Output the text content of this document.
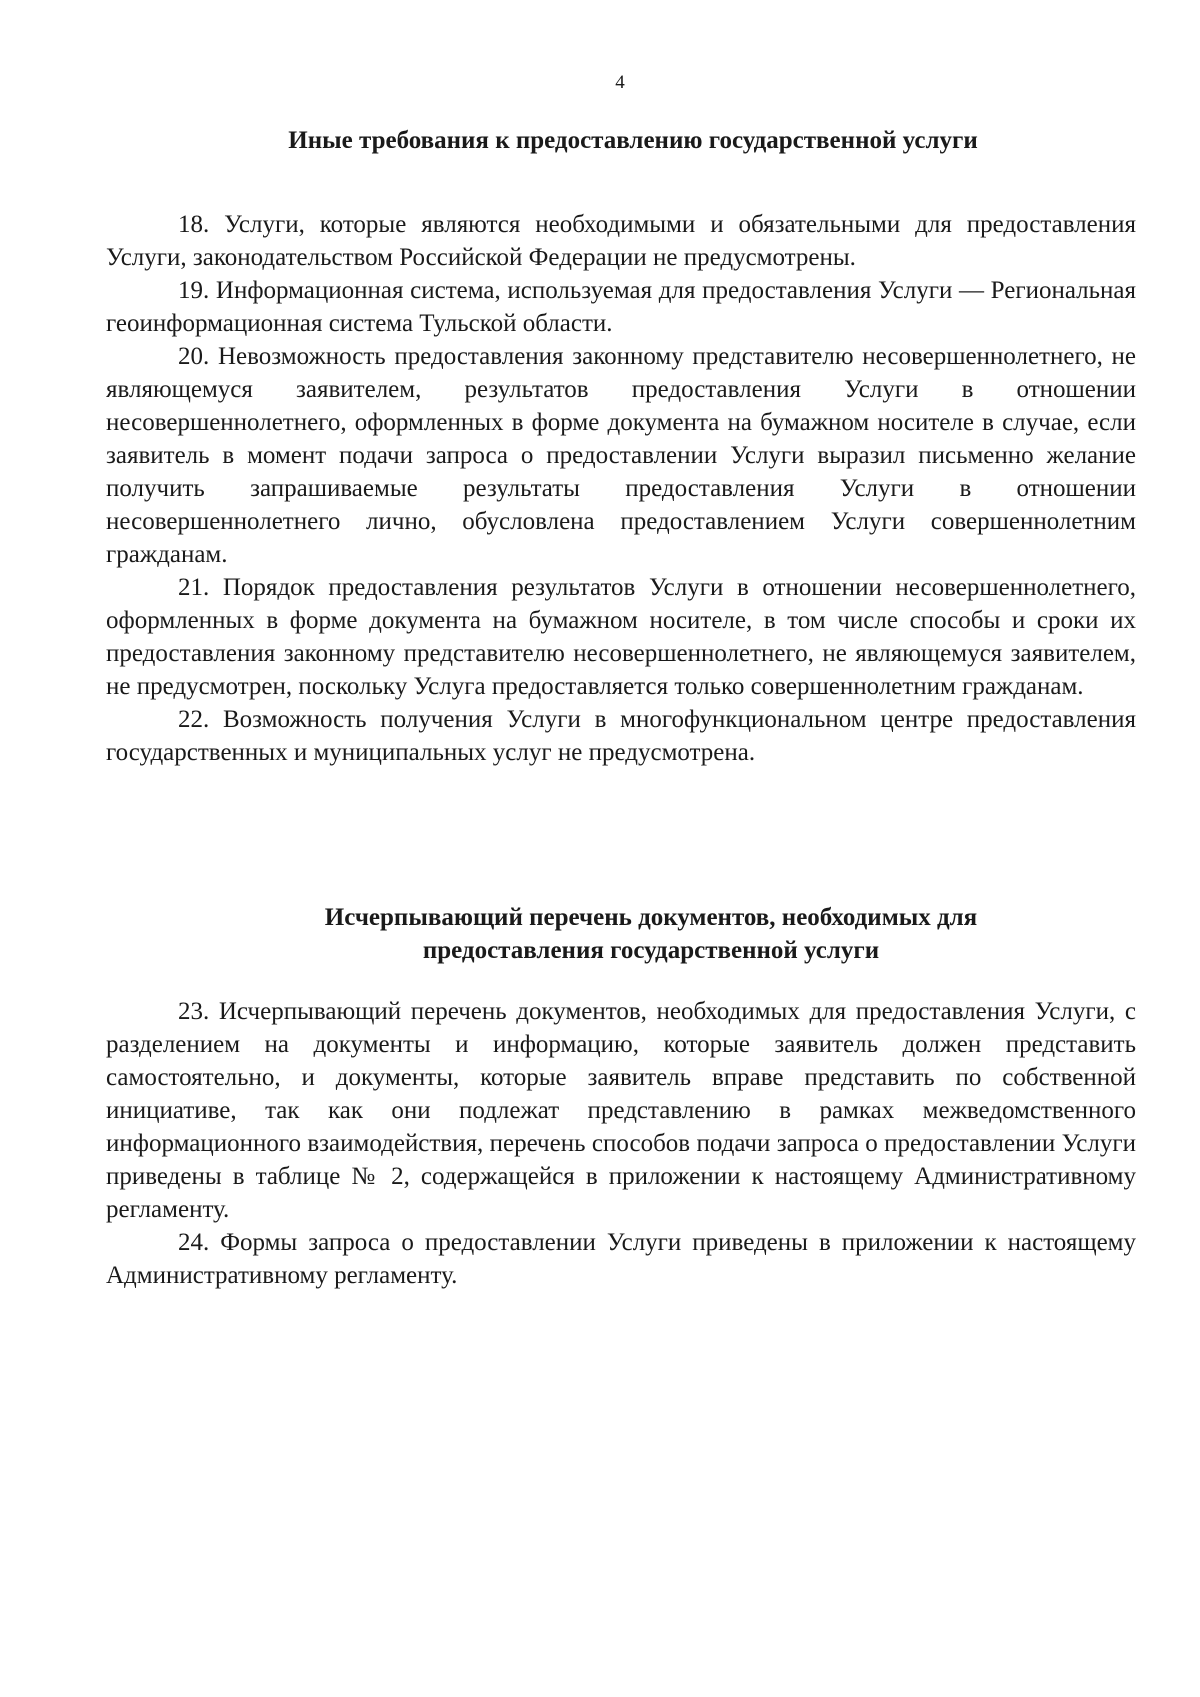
4
Иные требования к предоставлению государственной услуги

18. Услуги, которые являются необходимыми и обязательными для предоставления Услуги, законодательством Российской Федерации не предусмотрены.

19. Информационная система, используемая для предоставления Услуги — Региональная геоинформационная система Тульской области.

20. Невозможность предоставления законному представителю несовершеннолетнего, не являющемуся заявителем, результатов предоставления Услуги в отношении несовершеннолетнего, оформленных в форме документа на бумажном носителе в случае, если заявитель в момент подачи запроса о предоставлении Услуги выразил письменно желание получить запрашиваемые результаты предоставления Услуги в отношении несовершеннолетнего лично, обусловлена предоставлением Услуги совершеннолетним гражданам.

21. Порядок предоставления результатов Услуги в отношении несовершеннолетнего, оформленных в форме документа на бумажном носителе, в том числе способы и сроки их предоставления законному представителю несовершеннолетнего, не являющемуся заявителем, не предусмотрен, поскольку Услуга предоставляется только совершеннолетним гражданам.

22. Возможность получения Услуги в многофункциональном центре предоставления государственных и муниципальных услуг не предусмотрена.

Исчерпывающий перечень документов, необходимых для
предоставления государственной услуги

23. Исчерпывающий перечень документов, необходимых для предоставления Услуги, с разделением на документы и информацию, которые заявитель должен представить самостоятельно, и документы, которые заявитель вправе представить по собственной инициативе, так как они подлежат представлению в рамках межведомственного информационного взаимодействия, перечень способов подачи запроса о предоставлении Услуги приведены в таблице № 2, содержащейся в приложении к настоящему Административному регламенту.

24. Формы запроса о предоставлении Услуги приведены в приложении к настоящему Административному регламенту.
